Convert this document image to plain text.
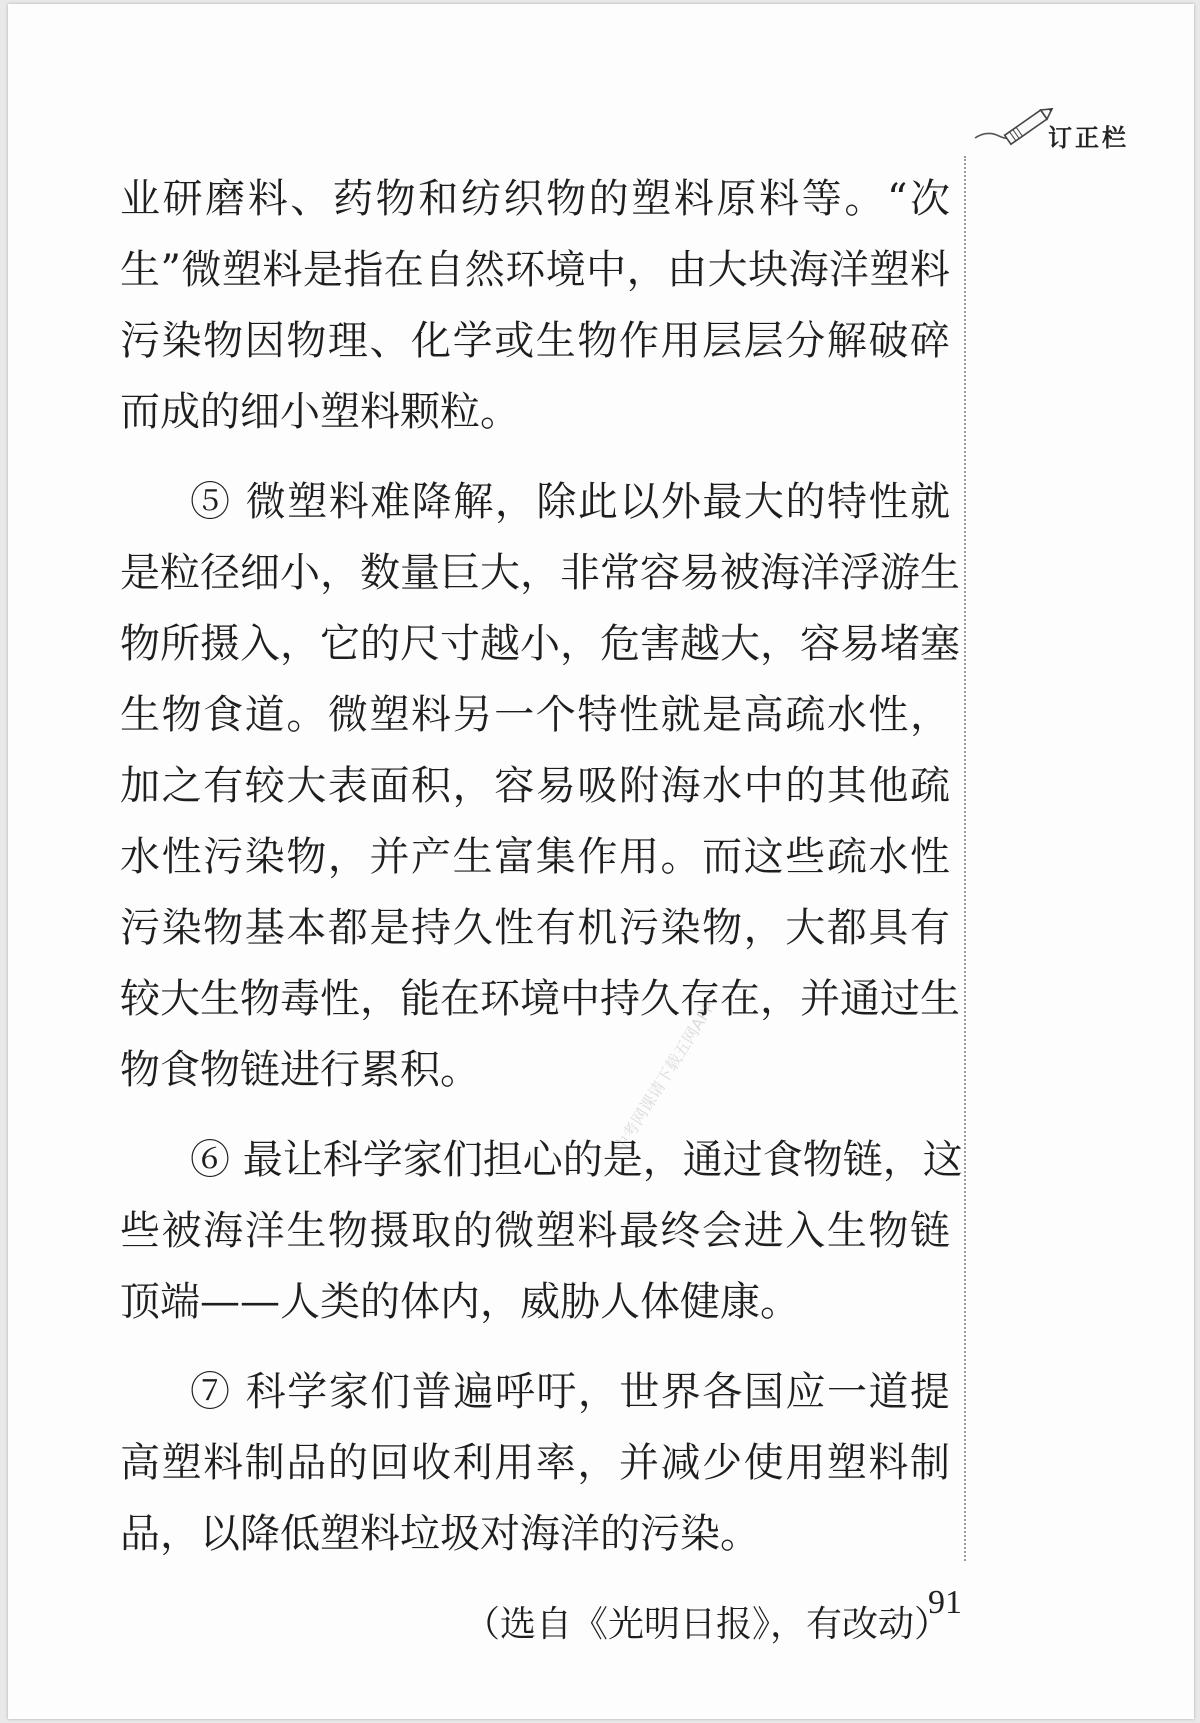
订正栏
业研磨料、药物和纺织物的塑料原料等。“次
生”微塑料是指在自然环境中，由大块海洋塑料
污染物因物理、化学或生物作用层层分解破碎
而成的细小塑料颗粒。
⑤ 微塑料难降解，除此以外最大的特性就
是粒径细小，数量巨大，非常容易被海洋浮游生
物所摄入，它的尺寸越小，危害越大，容易堵塞
生物食道。微塑料另一个特性就是高疏水性，
加之有较大表面积，容易吸附海水中的其他疏
水性污染物，并产生富集作用。而这些疏水性
污染物基本都是持久性有机污染物，大都具有
较大生物毒性，能在环境中持久存在，并通过生
物食物链进行累积。
⑥ 最让科学家们担心的是，通过食物链，这
些被海洋生物摄取的微塑料最终会进入生物链
顶端——人类的体内，威胁人体健康。
⑦ 科学家们普遍呼吁，世界各国应一道提
高塑料制品的回收利用率，并减少使用塑料制
品，以降低塑料垃圾对海洋的污染。
（选自《光明日报》，有改动）
中考网课请下载五网APP
91
